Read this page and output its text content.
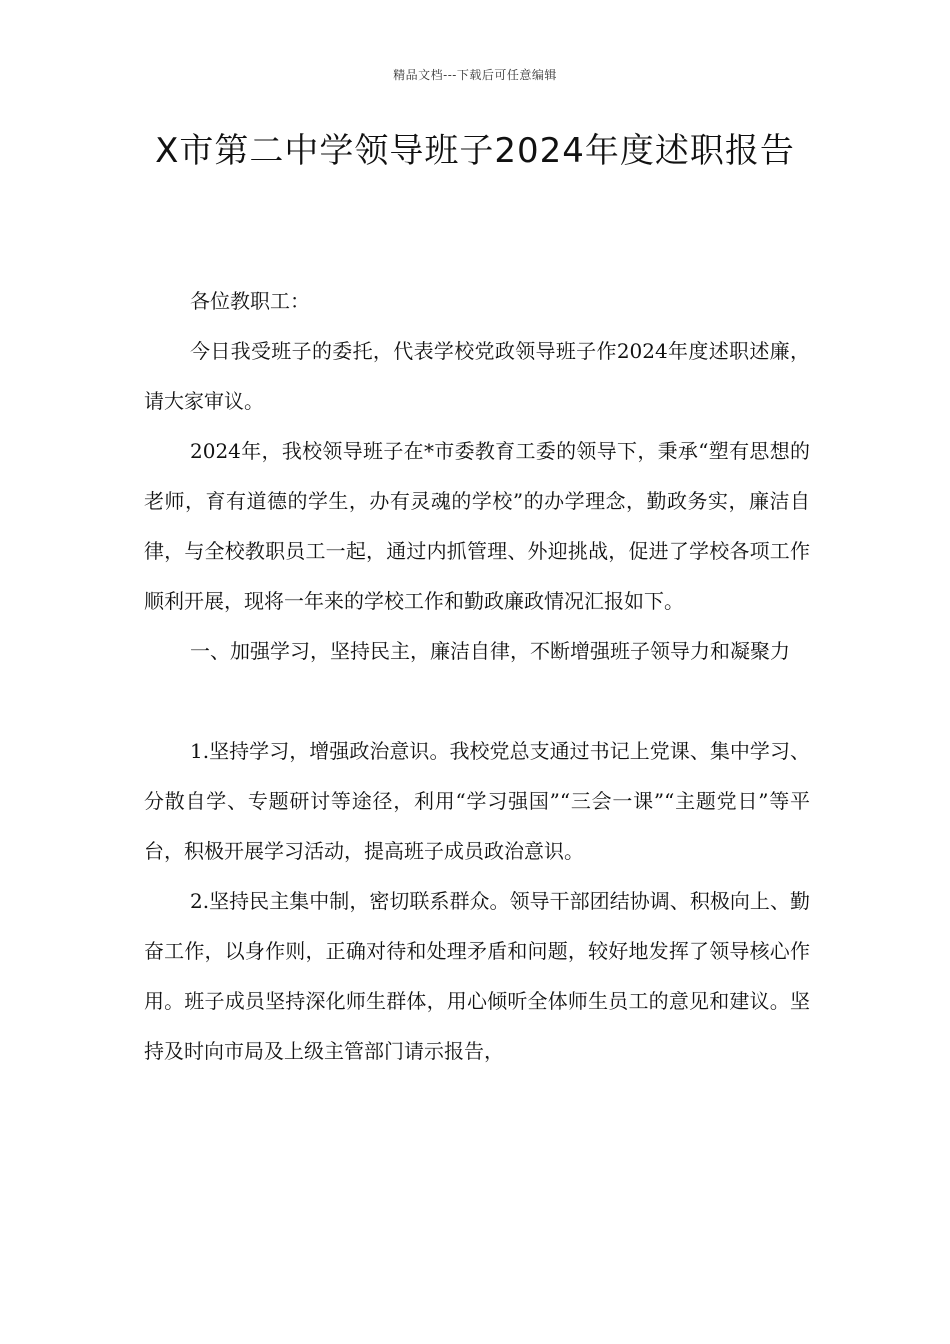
精品文档---下载后可任意编辑
X市第二中学领导班子2024年度述职报告

各位教职工：

今日我受班子的委托，代表学校党政领导班子作2024年度述职述廉，请大家审议。

2024年，我校领导班子在*市委教育工委的领导下，秉承“塑有思想的老师，育有道德的学生，办有灵魂的学校”的办学理念，勤政务实，廉洁自律，与全校教职员工一起，通过内抓管理、外迎挑战，促进了学校各项工作顺利开展，现将一年来的学校工作和勤政廉政情况汇报如下。

一、加强学习，坚持民主，廉洁自律，不断增强班子领导力和凝聚力

1.坚持学习，增强政治意识。我校党总支通过书记上党课、集中学习、分散自学、专题研讨等途径，利用“学习强国”“三会一课”“主题党日”等平台，积极开展学习活动，提高班子成员政治意识。

2.坚持民主集中制，密切联系群众。领导干部团结协调、积极向上、勤奋工作，以身作则，正确对待和处理矛盾和问题，较好地发挥了领导核心作用。班子成员坚持深化师生群体，用心倾听全体师生员工的意见和建议。坚持及时向市局及上级主管部门请示报告，
